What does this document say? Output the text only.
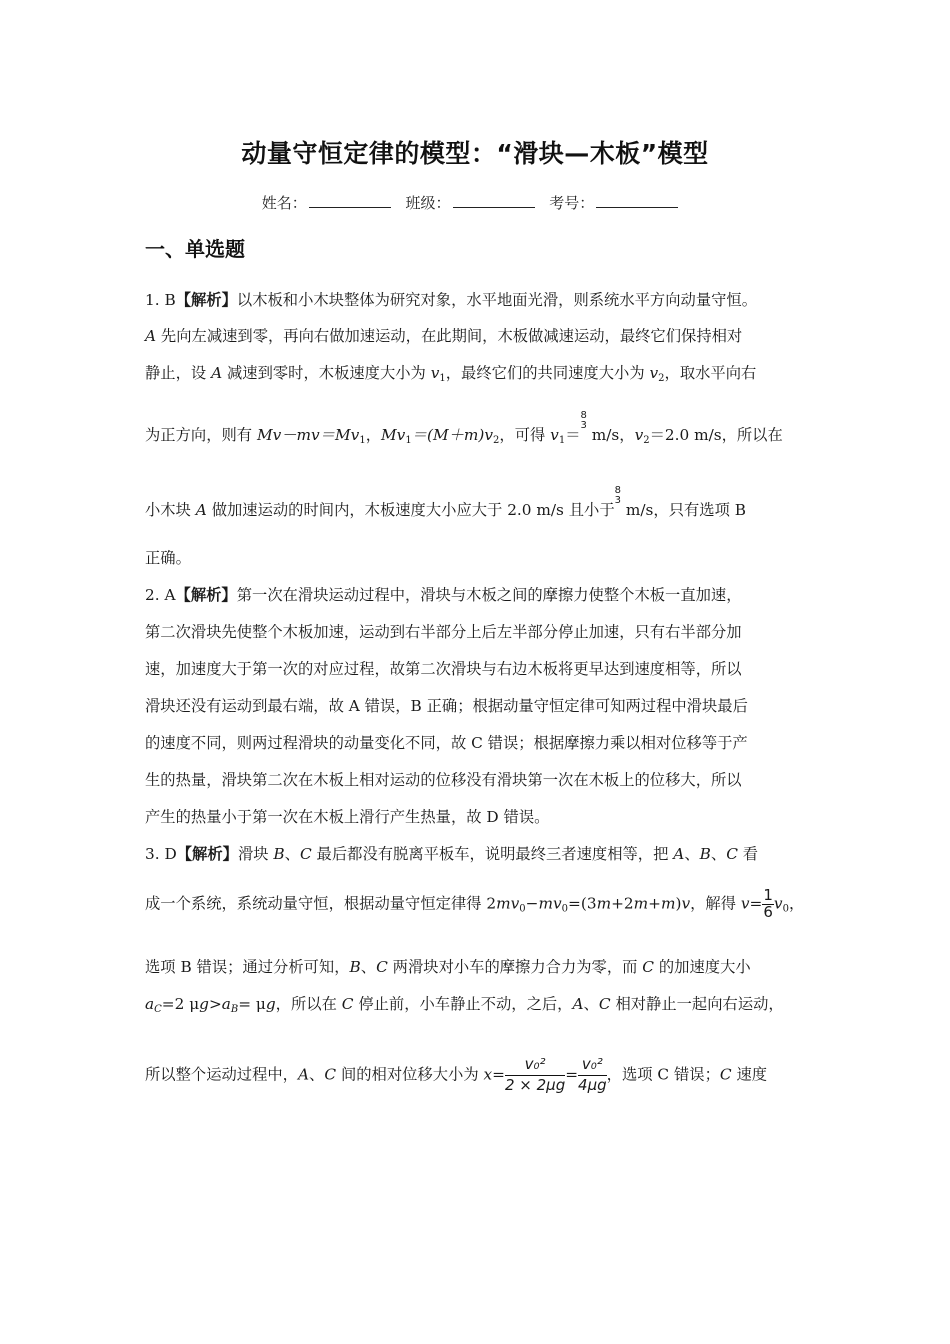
动量守恒定律的模型：“滑块—木板”模型
姓名：	班级：	考号：
一、单选题
1. B【解析】以木板和小木块整体为研究对象，水平地面光滑，则系统水平方向动量守恒。
A 先向左减速到零，再向右做加速运动，在此期间，木板做减速运动，最终它们保持相对
静止，设 A 减速到零时，木板速度大小为 $v_1$，最终它们的共同速度大小为 $v_2$，取水平向右
为正方向，则有 $Mv-mv=Mv_1$，$Mv_1=(M+m)v_2$，可得 $v_1=$
8
3
m/s，$v_2=2.0$ m/s，所以在
小木块 A 做加速运动的时间内，木板速度大小应大于 2.0 m/s 且小于
8
3
m/s，只有选项 B
正确。
2. A【解析】第一次在滑块运动过程中，滑块与木板之间的摩擦力使整个木板一直加速，
第二次滑块先使整个木板加速，运动到右半部分上后左半部分停止加速，只有右半部分加
速，加速度大于第一次的对应过程，故第二次滑块与右边木板将更早达到速度相等，所以
滑块还没有运动到最右端，故 A 错误，B 正确；根据动量守恒定律可知两过程中滑块最后
的速度不同，则两过程滑块的动量变化不同，故 C 错误；根据摩擦力乘以相对位移等于产
生的热量，滑块第二次在木板上相对运动的位移没有滑块第一次在木板上的位移大，所以
产生的热量小于第一次在木板上滑行产生热量，故 D 错误。
3. D【解析】滑块 B、C 最后都没有脱离平板车，说明最终三者速度相等，把 A、B、C 看
成一个系统，系统动量守恒，根据动量守恒定律得 $2mv_0-mv_0=(3m+2m+m)v$，解得 $v= \frac{1}{6} v_0$，
选项 B 错误；通过分析可知，B、C 两滑块对小车的摩擦力合力为零，而 C 的加速度大小
$a_C=2$ $\mu g>a_B= \mu g$，所以在 C 停止前，小车静止不动，之后，A、C 相对静止一起向右运动，
所以整个运动过程中，A、C 间的相对位移大小为 $x= \frac{\text{v₀²}}{2 \times 2\mu g} = \frac{\text{v₀²}}{4\mu g}$ ，选项 C 错误；C 速度
